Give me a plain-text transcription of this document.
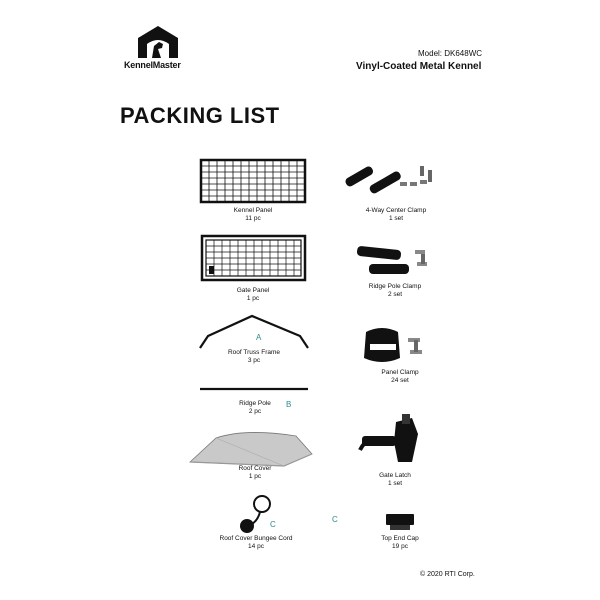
KennelMaster
Model: DK648WC
Vinyl-Coated Metal Kennel
PACKING LIST
Kennel Panel
11 pc
4-Way Center Clamp
1 set
Gate Panel
1 pc
Ridge Pole Clamp
2 set
A
Roof Truss Frame
3 pc
Panel Clamp
24 set
B
Ridge Pole
2 pc
Gate Latch
1 set
Roof Cover
1 pc
C
Roof Cover Bungee Cord
14 pc
C
Top End Cap
19 pc
© 2020 RTI Corp.
